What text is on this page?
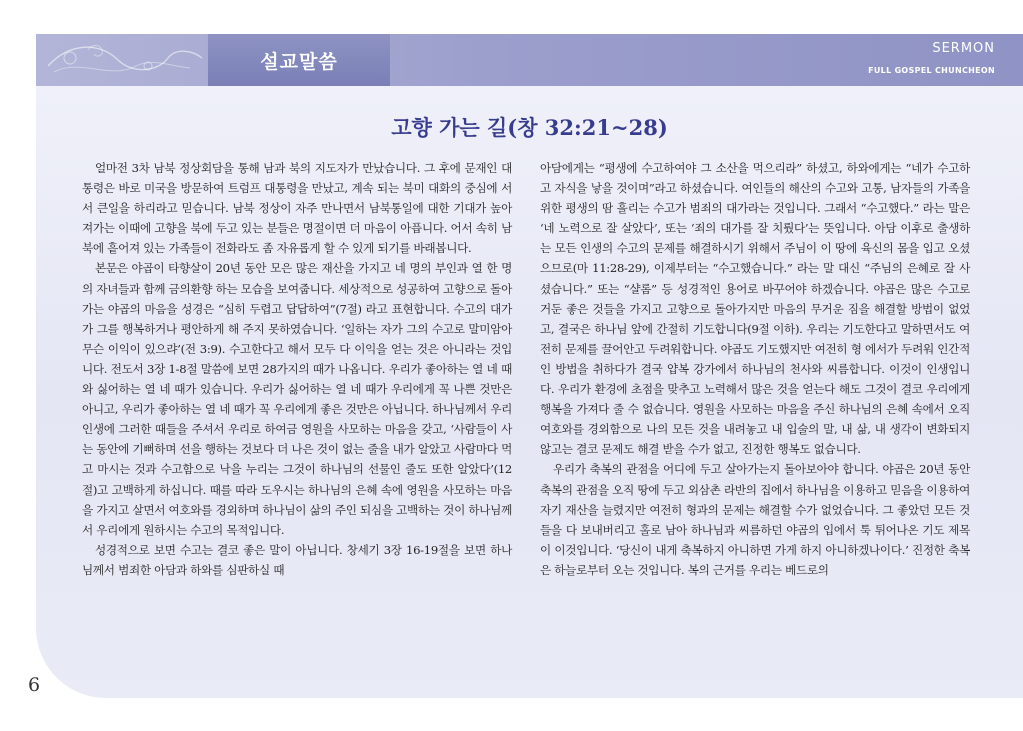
설교말씀
SERMON
FULL GOSPEL CHUNCHEON
고향 가는 길(창 32:21~28)

얼마전 3차 남북 정상회담을 통해 남과 북의 지도자가 만났습니다. 그 후에 문재인 대통령은 바로 미국을 방문하여 트럼프 대통령을 만났고, 계속 되는 북미 대화의 중심에 서서 큰일을 하리라고 믿습니다. 남북 정상이 자주 만나면서 남북통일에 대한 기대가 높아져가는 이때에 고향을 북에 두고 있는 분들은 명절이면 더 마음이 아픕니다. 어서 속히 남북에 흩어져 있는 가족들이 전화라도 좀 자유롭게 할 수 있게 되기를 바래봅니다.

본문은 야곱이 타향살이 20년 동안 모은 많은 재산을 가지고 네 명의 부인과 열 한 명의 자녀들과 함께 금의환향 하는 모습을 보여줍니다. 세상적으로 성공하여 고향으로 돌아가는 야곱의 마음을 성경은 “심히 두렵고 답답하여”(7절) 라고 표현합니다. 수고의 대가가 그를 행복하거나 평안하게 해 주지 못하였습니다. ‘일하는 자가 그의 수고로 말미암아 무슨 이익이 있으랴’(전 3:9). 수고한다고 해서 모두 다 이익을 얻는 것은 아니라는 것입니다. 전도서 3장 1-8절 말씀에 보면 28가지의 때가 나옵니다. 우리가 좋아하는 열 네 때와 싫어하는 열 네 때가 있습니다. 우리가 싫어하는 열 네 때가 우리에게 꼭 나쁜 것만은 아니고, 우리가 좋아하는 열 네 때가 꼭 우리에게 좋은 것만은 아닙니다. 하나님께서 우리 인생에 그러한 때들을 주셔서 우리로 하여금 영원을 사모하는 마음을 갖고, ‘사람들이 사는 동안에 기뻐하며 선을 행하는 것보다 더 나은 것이 없는 줄을 내가 알았고 사람마다 먹고 마시는 것과 수고함으로 낙을 누리는 그것이 하나님의 선물인 줄도 또한 알았다’(12절)고 고백하게 하십니다. 때를 따라 도우시는 하나님의 은혜 속에 영원을 사모하는 마음을 가지고 살면서 여호와를 경외하며 하나님이 삶의 주인 되심을 고백하는 것이 하나님께서 우리에게 원하시는 수고의 목적입니다.

성경적으로 보면 수고는 결코 좋은 말이 아닙니다. 창세기 3장 16-19절을 보면 하나님께서 범죄한 아담과 하와를 심판하실 때

아담에게는 “평생에 수고하여야 그 소산을 먹으리라” 하셨고, 하와에게는 “네가 수고하고 자식을 낳을 것이며”라고 하셨습니다. 여인들의 해산의 수고와 고통, 남자들의 가족을 위한 평생의 땀 흘리는 수고가 범죄의 대가라는 것입니다. 그래서 “수고했다.” 라는 말은 ‘네 노력으로 잘 살았다’, 또는 ‘죄의 대가를 잘 치뤘다’는 뜻입니다. 아담 이후로 출생하는 모든 인생의 수고의 문제를 해결하시기 위해서 주님이 이 땅에 육신의 몸을 입고 오셨으므로(마 11:28-29), 이제부터는 “수고했습니다.” 라는 말 대신 “주님의 은혜로 잘 사셨습니다.” 또는 “샬롬” 등 성경적인 용어로 바꾸어야 하겠습니다. 야곱은 많은 수고로 거둔 좋은 것들을 가지고 고향으로 돌아가지만 마음의 무거운 짐을 해결할 방법이 없었고, 결국은 하나님 앞에 간절히 기도합니다(9절 이하). 우리는 기도한다고 말하면서도 여전히 문제를 끌어안고 두려워합니다. 야곱도 기도했지만 여전히 형 에서가 두려워 인간적인 방법을 취하다가 결국 얍복 강가에서 하나님의 천사와 씨름합니다. 이것이 인생입니다. 우리가 환경에 초점을 맞추고 노력해서 많은 것을 얻는다 해도 그것이 결코 우리에게 행복을 가져다 줄 수 없습니다. 영원을 사모하는 마음을 주신 하나님의 은혜 속에서 오직 여호와를 경외함으로 나의 모든 것을 내려놓고 내 입술의 말, 내 삶, 내 생각이 변화되지 않고는 결코 문제도 해결 받을 수가 없고, 진정한 행복도 없습니다.

우리가 축복의 관점을 어디에 두고 살아가는지 돌아보아야 합니다. 야곱은 20년 동안 축복의 관점을 오직 땅에 두고 외삼촌 라반의 집에서 하나님을 이용하고 믿음을 이용하여 자기 재산을 늘렸지만 여전히 형과의 문제는 해결할 수가 없었습니다. 그 좋았던 모든 것들을 다 보내버리고 홀로 남아 하나님과 씨름하던 야곱의 입에서 툭 튀어나온 기도 제목이 이것입니다. ‘당신이 내게 축복하지 아니하면 가게 하지 아니하겠나이다.’ 진정한 축복은 하늘로부터 오는 것입니다. 복의 근거를 우리는 베드로의

6
